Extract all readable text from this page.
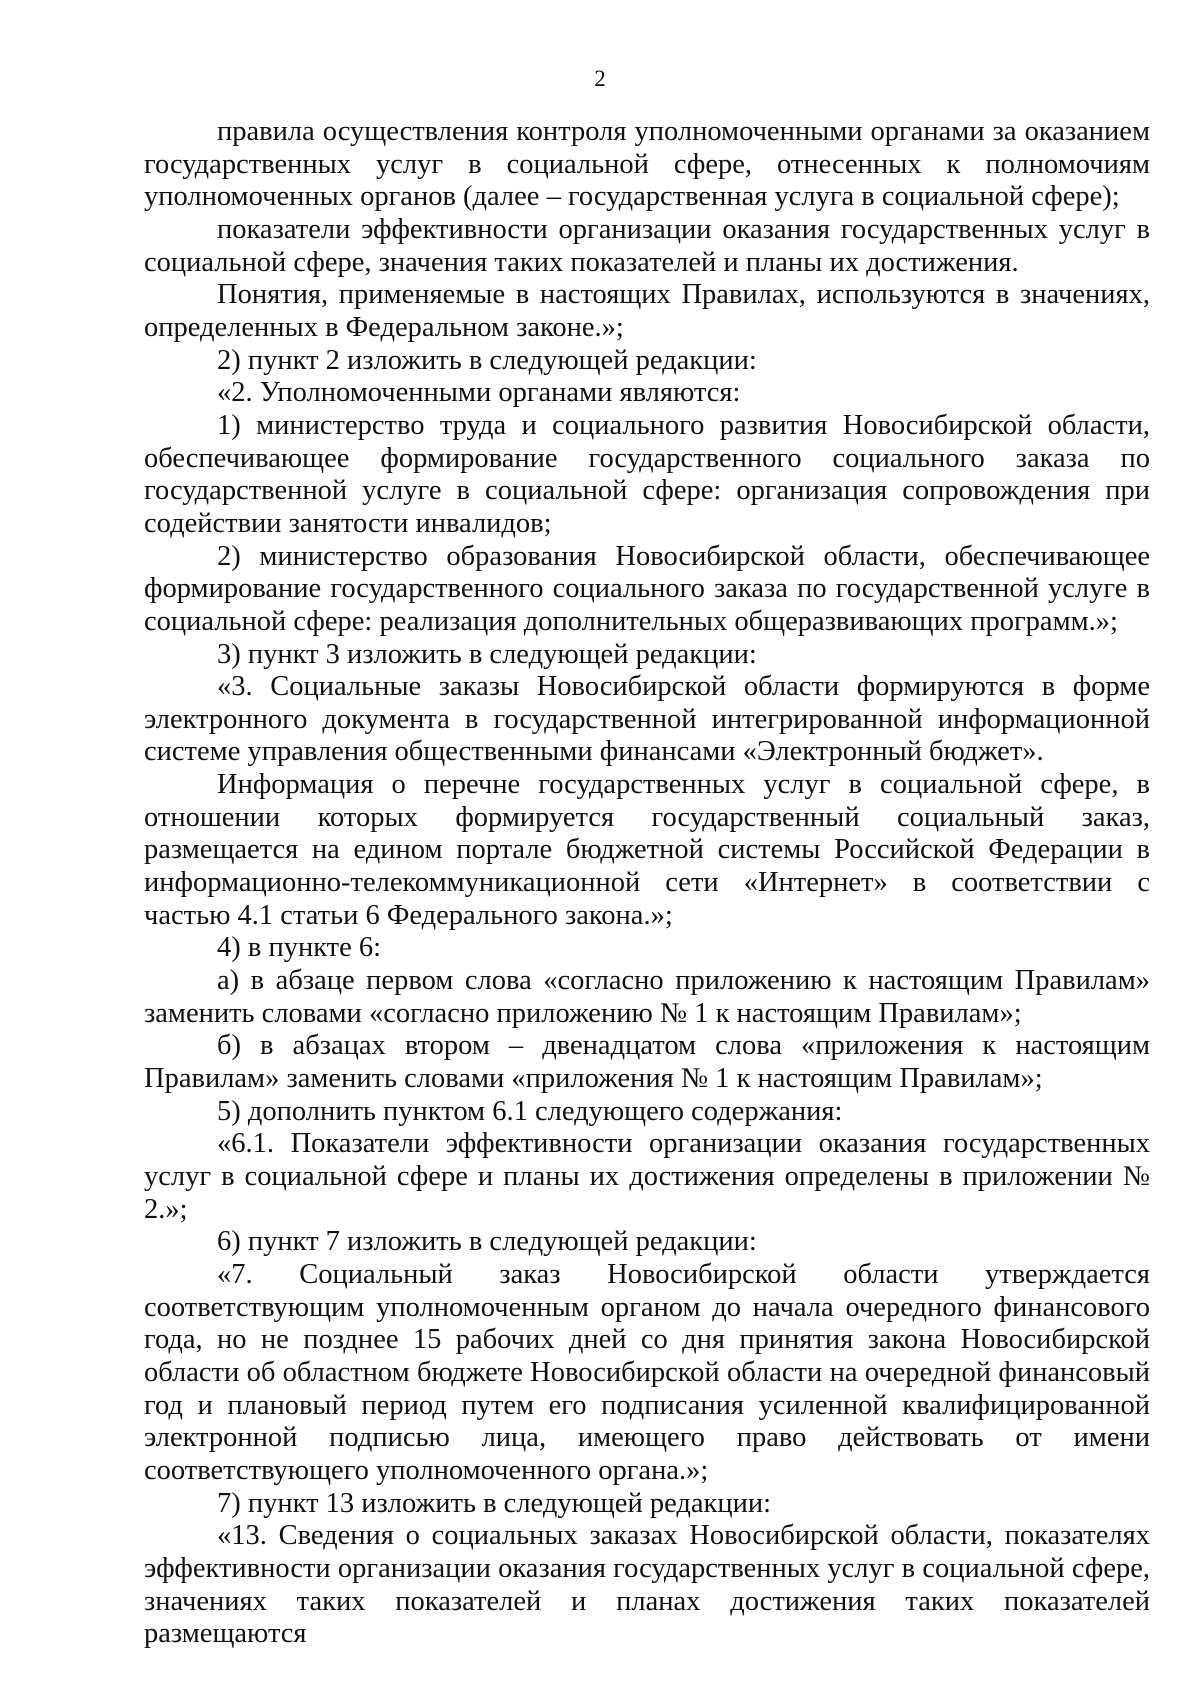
2

правила осуществления контроля уполномоченными органами за оказанием государственных услуг в социальной сфере, отнесенных к полномочиям уполномоченных органов (далее – государственная услуга в социальной сфере);

показатели эффективности организации оказания государственных услуг в социальной сфере, значения таких показателей и планы их достижения.

Понятия, применяемые в настоящих Правилах, используются в значениях, определенных в Федеральном законе.»;

2) пункт 2 изложить в следующей редакции:

«2. Уполномоченными органами являются:

1) министерство труда и социального развития Новосибирской области, обеспечивающее формирование государственного социального заказа по государственной услуге в социальной сфере: организация сопровождения при содействии занятости инвалидов;

2) министерство образования Новосибирской области, обеспечивающее формирование государственного социального заказа по государственной услуге в социальной сфере: реализация дополнительных общеразвивающих программ.»;

3) пункт 3 изложить в следующей редакции:

«3. Социальные заказы Новосибирской области формируются в форме электронного документа в государственной интегрированной информационной системе управления общественными финансами «Электронный бюджет».

Информация о перечне государственных услуг в социальной сфере, в отношении которых формируется государственный социальный заказ, размещается на едином портале бюджетной системы Российской Федерации в информационно-телекоммуникационной сети «Интернет» в соответствии с частью 4.1 статьи 6 Федерального закона.»;

4) в пункте 6:

а) в абзаце первом слова «согласно приложению к настоящим Правилам» заменить словами «согласно приложению № 1 к настоящим Правилам»;

б) в абзацах втором – двенадцатом слова «приложения к настоящим Правилам» заменить словами «приложения № 1 к настоящим Правилам»;

5) дополнить пунктом 6.1 следующего содержания:

«6.1. Показатели эффективности организации оказания государственных услуг в социальной сфере и планы их достижения определены в приложении № 2.»;

6) пункт 7 изложить в следующей редакции:

«7. Социальный заказ Новосибирской области утверждается соответствующим уполномоченным органом до начала очередного финансового года, но не позднее 15 рабочих дней со дня принятия закона Новосибирской области об областном бюджете Новосибирской области на очередной финансовый год и плановый период путем его подписания усиленной квалифицированной электронной подписью лица, имеющего право действовать от имени соответствующего уполномоченного органа.»;

7) пункт 13 изложить в следующей редакции:

«13. Сведения о социальных заказах Новосибирской области, показателях эффективности организации оказания государственных услуг в социальной сфере, значениях таких показателей и планах достижения таких показателей размещаются
